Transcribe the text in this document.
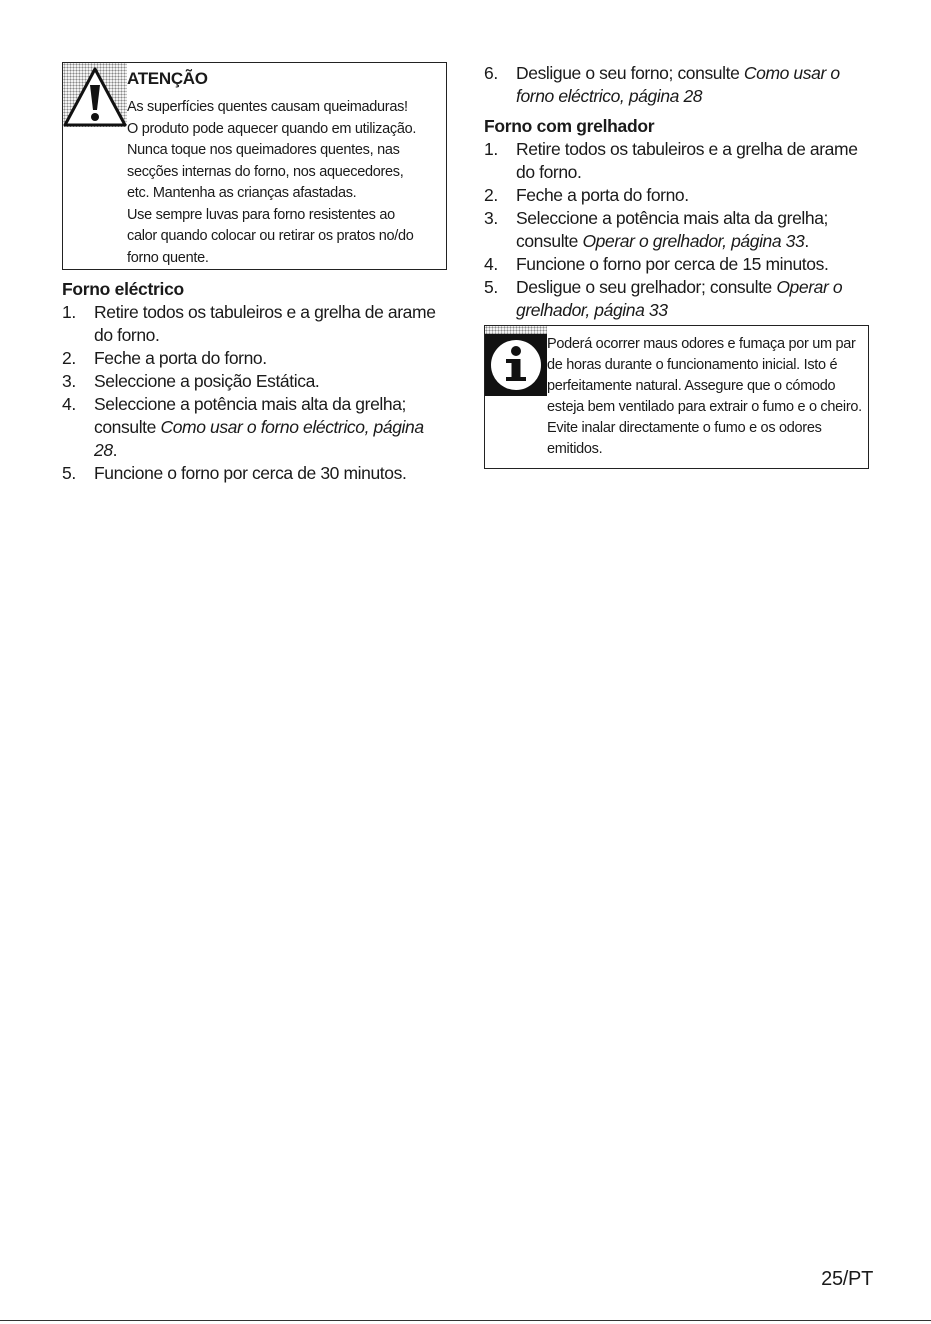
ATENÇÃO

As superfícies quentes causam queimaduras!

O produto pode aquecer quando em utilização.

Nunca toque nos queimadores quentes, nas

secções internas do forno, nos aquecedores,

etc. Mantenha as crianças afastadas.

Use sempre luvas para forno resistentes ao

calor quando colocar ou retirar os pratos no/do

forno quente.

Forno eléctrico
1. Retire todos os tabuleiros e a grelha de arame do forno.
2. Feche a porta do forno.
3. Seleccione a posição Estática.
4. Seleccione a potência mais alta da grelha; consulte Como usar o forno eléctrico, página 28.
5. Funcione o forno por cerca de 30 minutos.
6. Desligue o seu forno; consulte Como usar o forno eléctrico, página 28
Forno com grelhador
1. Retire todos os tabuleiros e a grelha de arame do forno.
2. Feche a porta do forno.
3. Seleccione a potência mais alta da grelha; consulte Operar o grelhador, página 33.
4. Funcione o forno por cerca de 15 minutos.
5. Desligue o seu grelhador; consulte Operar o grelhador, página 33
Poderá ocorrer maus odores e fumaça por um par de horas durante o funcionamento inicial. Isto é perfeitamente natural. Assegure que o cómodo esteja bem ventilado para extrair o fumo e o cheiro. Evite inalar directamente o fumo e os odores emitidos.
25/PT
